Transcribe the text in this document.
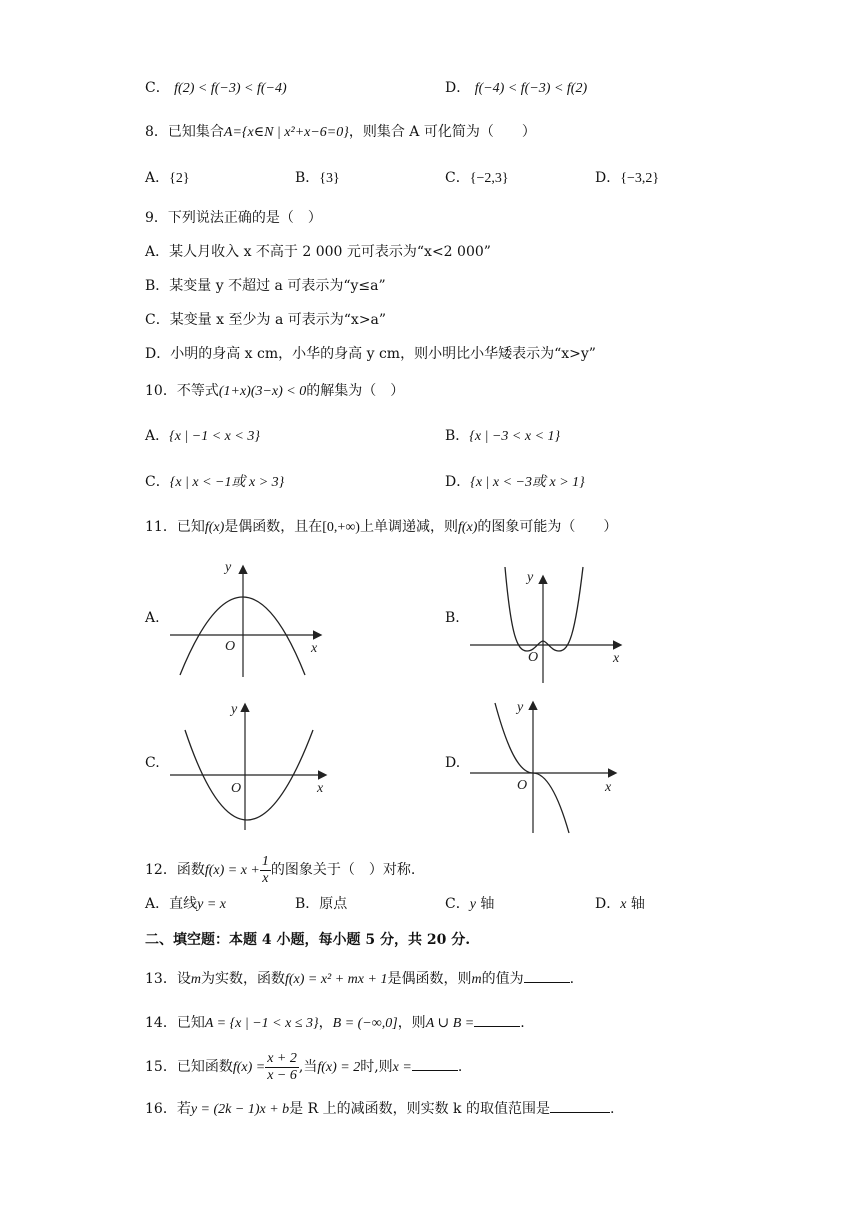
C． f(2) < f(−3) < f(−4)	D． f(−4) < f(−3) < f(2)
8．已知集合A={x∈N | x²+x−6=0}，则集合 A 可化简为（　　）
A．{2}	B．{3}	C．{−2,3}	D．{−3,2}
9．下列说法正确的是（　）
A．某人月收入 x 不高于 2 000 元可表示为“x<2 000”
B．某变量 y 不超过 a 可表示为“y≤a”
C．某变量 x 至少为 a 可表示为“x>a”
D．小明的身高 x cm，小华的身高 y cm，则小明比小华矮表示为“x>y”
10．不等式(1+x)(3−x) < 0的解集为（　）
A．{x | −1 < x < 3}	B．{x | −3 < x < 1}
C．{x | x < −1或 x > 3}	D．{x | x < −3或 x > 1}
11．已知f(x)是偶函数，且在[0,+∞)上单调递减，则f(x)的图象可能为（　　）
A.
O	x
y
B.
O	x
y
C.
O	x
y
D.
O	x
y
12．函数$f(x) = x + \frac{1}{x}$ 的图象关于（　）对称.
A．直线y = x	B．原点	C．y 轴	D．x 轴
二、填空题：本题 4 小题，每小题 5 分，共 20 分.
13．设m为实数，函数f(x) = x² + mx + 1是偶函数，则m的值为	.
14．已知A = {x | −1 < x ≤ 3}，B = (−∞,0]，则A ∪ B =	.
15．已知函数$f(x) = \frac{x + 2}{x - 6}$ ,当f(x) = 2时,则x =	.
16．若y = (2k − 1)x + b是 R 上的减函数，则实数 k 的取值范围是	.
